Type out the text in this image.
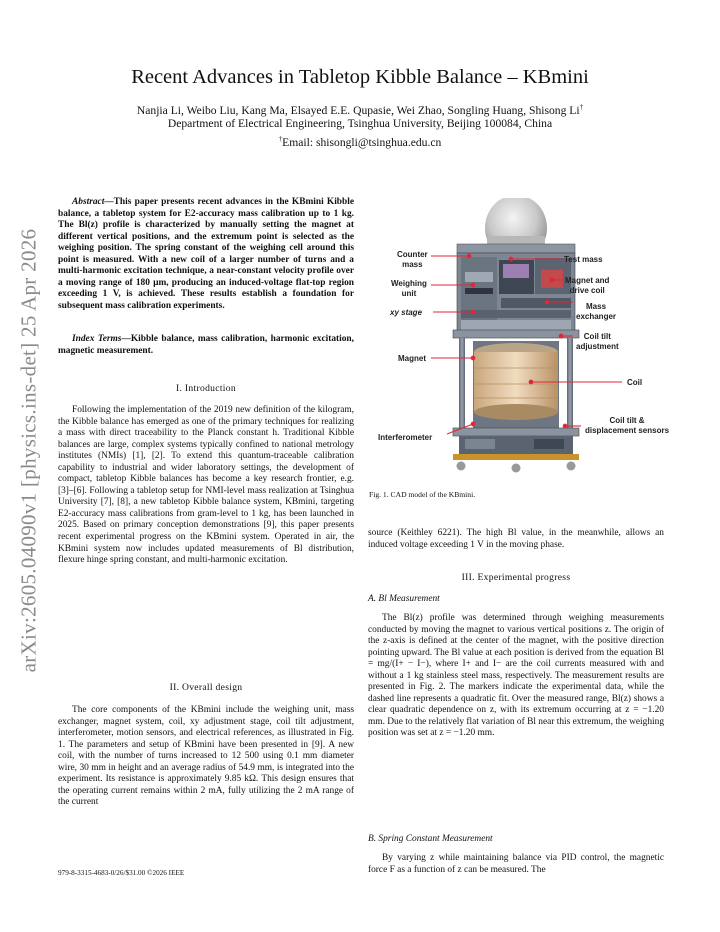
arXiv:2605.04090v1 [physics.ins-det] 25 Apr 2026
Recent Advances in Tabletop Kibble Balance – KBmini
Nanjia Li, Weibo Liu, Kang Ma, Elsayed E.E. Qupasie, Wei Zhao, Songling Huang, Shisong Li†
Department of Electrical Engineering, Tsinghua University, Beijing 100084, China
†Email: shisongli@tsinghua.edu.cn
Abstract—This paper presents recent advances in the KBmini Kibble balance, a tabletop system for E2-accuracy mass calibration up to 1 kg. The Bl(z) profile is characterized by manually setting the magnet at different vertical positions, and the extremum point is selected as the weighing position. The spring constant of the weighing cell around this point is measured. With a new coil of a larger number of turns and a multi-harmonic excitation technique, a near-constant velocity profile over a moving range of 180 µm, producing an induced-voltage flat-top region exceeding 1 V, is achieved. These results establish a foundation for subsequent mass calibration experiments.
Index Terms—Kibble balance, mass calibration, harmonic excitation, magnetic measurement.
I. Introduction

Following the implementation of the 2019 new definition of the kilogram, the Kibble balance has emerged as one of the primary techniques for realizing a mass with direct traceability to the Planck constant h. Traditional Kibble balances are large, complex systems typically confined to national metrology institutes (NMIs) [1], [2]. To extend this quantum-traceable calibration capability to industrial and wider laboratory settings, the development of compact, tabletop Kibble balances has become a key research frontier, e.g. [3]–[6]. Following a tabletop setup for NMI-level mass realization at Tsinghua University [7], [8], a new tabletop Kibble balance system, KBmini, targeting E2-accuracy mass calibrations from gram-level to 1 kg, has been launched in 2025. Based on primary conception demonstrations [9], this paper presents recent experimental progress on the KBmini system. Operated in air, the KBmini system now includes updated measurements of Bl distribution, flexure hinge spring constant, and multi-harmonic excitation.

II. Overall design

The core components of the KBmini include the weighing unit, mass exchanger, magnet system, coil, xy adjustment stage, coil tilt adjustment, interferometer, motion sensors, and electrical references, as illustrated in Fig. 1. The parameters and setup of KBmini have been presented in [9]. A new coil, with the number of turns increased to 12 500 using 0.1 mm diameter wire, 30 mm in height and an average radius of 54.9 mm, is integrated into the experiment. Its resistance is approximately 9.85 kΩ. This design ensures that the operating current remains within 2 mA, fully utilizing the 2 mA range of the current

Counter
mass
Weighing
unit
xy stage
Magnet
Interferometer
Test mass
Magnet and
drive coil
Mass
exchanger
Coil tilt
adjustment
Coil
Coil tilt &
displacement sensors
Fig. 1. CAD model of the KBmini.

source (Keithley 6221). The high Bl value, in the meanwhile, allows an induced voltage exceeding 1 V in the moving phase.

III. Experimental progress
A. Bl Measurement

The Bl(z) profile was determined through weighing measurements conducted by moving the magnet to various vertical positions z. The origin of the z-axis is defined at the center of the magnet, with the positive direction pointing upward. The Bl value at each position is derived from the equation Bl = mg/(I+ − I−), where I+ and I− are the coil currents measured with and without a 1 kg stainless steel mass, respectively. The measurement results are presented in Fig. 2. The markers indicate the experimental data, while the dashed line represents a quadratic fit. Over the measured range, Bl(z) shows a clear quadratic dependence on z, with its extremum occurring at z = −1.20 mm. Due to the relatively flat variation of Bl near this extremum, the weighing position was set at z = −1.20 mm.

B. Spring Constant Measurement

By varying z while maintaining balance via PID control, the magnetic force F as a function of z can be measured. The

979-8-3315-4683-0/26/$31.00 ©2026 IEEE
